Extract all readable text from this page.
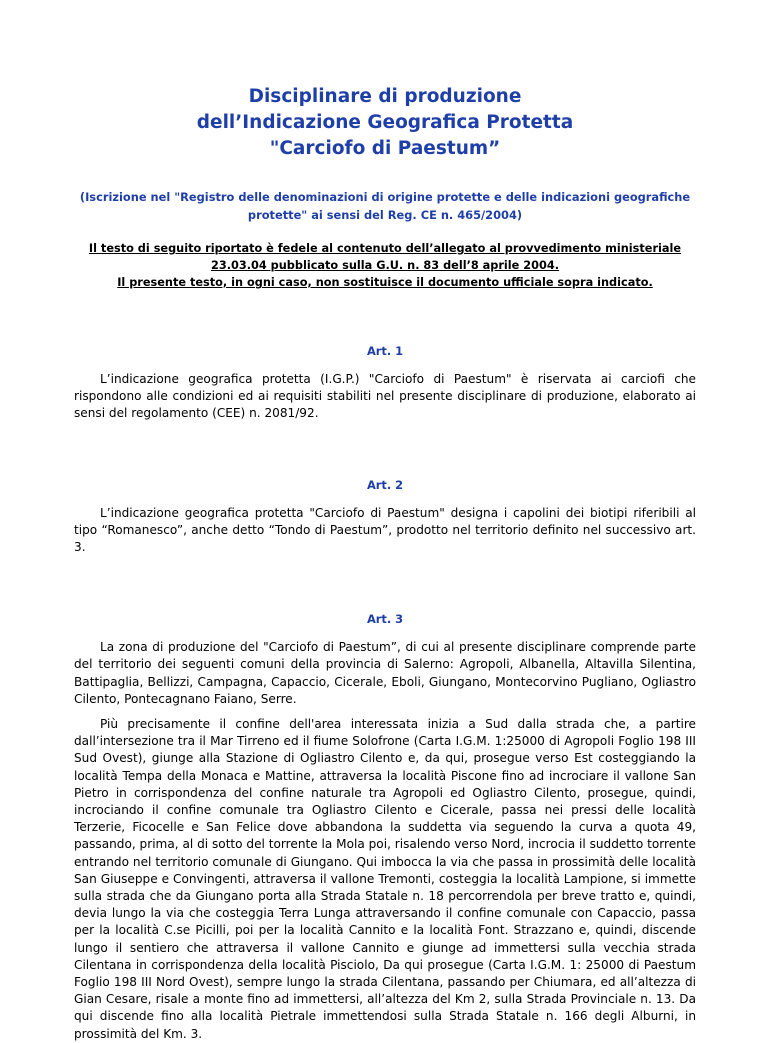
Disciplinare di produzione
dell’Indicazione Geografica Protetta
"Carciofo di Paestum”
(Iscrizione nel "Registro delle denominazioni di origine protette e delle indicazioni geografiche protette" ai sensi del Reg. CE n. 465/2004)
Il testo di seguito riportato è fedele al contenuto dell’allegato al provvedimento ministeriale
23.03.04 pubblicato sulla G.U. n. 83 dell’8 aprile 2004.
Il presente testo, in ogni caso, non sostituisce il documento ufficiale sopra indicato.
Art. 1
L’indicazione geografica protetta (I.G.P.) "Carciofo di Paestum" è riservata ai carciofi che rispondono alle condizioni ed ai requisiti stabiliti nel presente disciplinare di produzione, elaborato ai sensi del regolamento (CEE) n. 2081/92.
Art. 2
L’indicazione geografica protetta "Carciofo di Paestum" designa i capolini dei biotipi riferibili al tipo “Romanesco”, anche detto “Tondo di Paestum”, prodotto nel territorio definito nel successivo art. 3.
Art. 3
La zona di produzione del "Carciofo di Paestum”, di cui al presente disciplinare comprende parte del territorio dei seguenti comuni della provincia di Salerno: Agropoli, Albanella, Altavilla Silentina, Battipaglia, Bellizzi, Campagna, Capaccio, Cicerale, Eboli, Giungano, Montecorvino Pugliano, Ogliastro Cilento, Pontecagnano Faiano, Serre.
Più precisamente il confine dell'area interessata inizia a Sud dalla strada che, a partire dall’intersezione tra il Mar Tirreno ed il fiume Solofrone (Carta I.G.M. 1:25000 di Agropoli Foglio 198 III Sud Ovest), giunge alla Stazione di Ogliastro Cilento e, da qui, prosegue verso Est costeggiando la località Tempa della Monaca e Mattine, attraversa la località Piscone fino ad incrociare il vallone San Pietro in corrispondenza del confine naturale tra Agropoli ed Ogliastro Cilento, prosegue, quindi, incrociando il confine comunale tra Ogliastro Cilento e Cicerale, passa nei pressi delle località Terzerie, Ficocelle e San Felice dove abbandona la suddetta via seguendo la curva a quota 49, passando, prima, al di sotto del torrente la Mola poi, risalendo verso Nord, incrocia il suddetto torrente entrando nel territorio comunale di Giungano. Qui imbocca la via che passa in prossimità delle località San Giuseppe e Convingenti, attraversa il vallone Tremonti, costeggia la località Lampione, si immette sulla strada che da Giungano porta alla Strada Statale n. 18 percorrendola per breve tratto e, quindi, devia lungo la via che costeggia Terra Lunga attraversando il confine comunale con Capaccio, passa per la località C.se Picilli, poi per la località Cannito e la località Font. Strazzano e, quindi, discende lungo il sentiero che attraversa il vallone Cannito e giunge ad immettersi sulla vecchia strada Cilentana in corrispondenza della località Pisciolo, Da qui prosegue (Carta I.G.M. 1: 25000 di Paestum Foglio 198 III Nord Ovest), sempre lungo la strada Cilentana, passando per Chiumara, ed all’altezza di Gian Cesare, risale a monte fino ad immettersi, all’altezza del Km 2, sulla Strada Provinciale n. 13. Da qui discende fino alla località Pietrale immettendosi sulla Strada Statale n. 166 degli Alburni, in prossimità del Km. 3.
